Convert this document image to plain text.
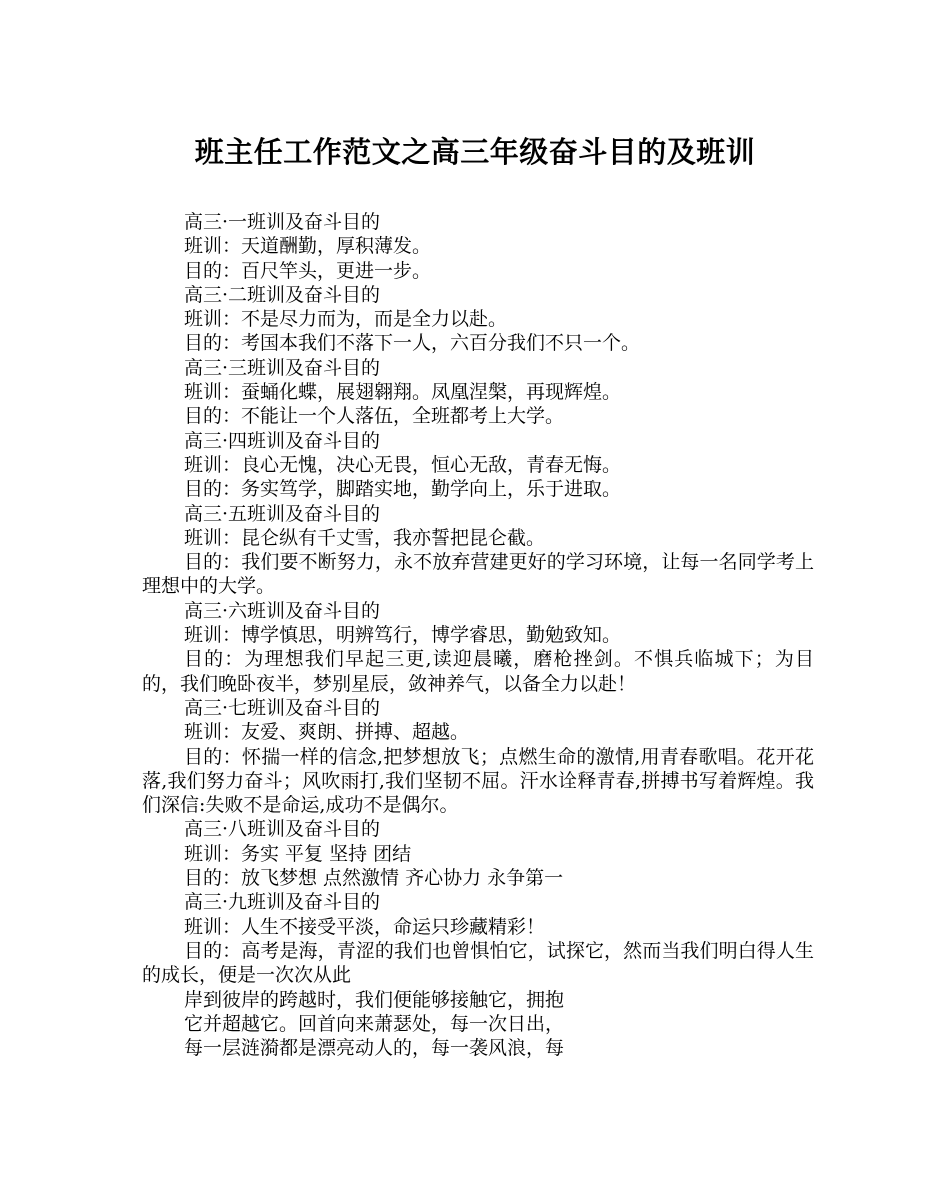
班主任工作范文之高三年级奋斗目的及班训

高三·一班训及奋斗目的

班训：天道酬勤，厚积薄发。

目的：百尺竿头，更进一步。

高三·二班训及奋斗目的

班训：不是尽力而为，而是全力以赴。

目的：考国本我们不落下一人，六百分我们不只一个。

高三·三班训及奋斗目的

班训：蚕蛹化蝶，展翅翱翔。凤凰涅槃，再现辉煌。

目的：不能让一个人落伍，全班都考上大学。

高三·四班训及奋斗目的

班训：良心无愧，决心无畏，恒心无敌，青春无悔。

目的：务实笃学，脚踏实地，勤学向上，乐于进取。

高三·五班训及奋斗目的

班训：昆仑纵有千丈雪，我亦誓把昆仑截。

目的：我们要不断努力，永不放弃营建更好的学习环境，让每一名同学考上理想中的大学。

高三·六班训及奋斗目的

班训：博学慎思，明辨笃行，博学睿思，勤勉致知。

目的：为理想我们早起三更,读迎晨曦，磨枪挫剑。不惧兵临城下；为目的，我们晚卧夜半，梦别星辰，敛神养气，以备全力以赴！

高三·七班训及奋斗目的

班训：友爱、爽朗、拼搏、超越。

目的：怀揣一样的信念,把梦想放飞；点燃生命的激情,用青春歌唱。花开花落,我们努力奋斗；风吹雨打,我们坚韧不屈。汗水诠释青春,拼搏书写着辉煌。我们深信:失败不是命运,成功不是偶尔。

高三·八班训及奋斗目的

班训：务实 平复 坚持 团结

目的：放飞梦想 点然激情 齐心协力 永争第一

高三·九班训及奋斗目的

班训：人生不接受平淡，命运只珍藏精彩！

目的：高考是海，青涩的我们也曾惧怕它，试探它，然而当我们明白得人生的成长，便是一次次从此

岸到彼岸的跨越时，我们便能够接触它，拥抱

它并超越它。回首向来萧瑟处，每一次日出，

每一层涟漪都是漂亮动人的，每一袭风浪，每
